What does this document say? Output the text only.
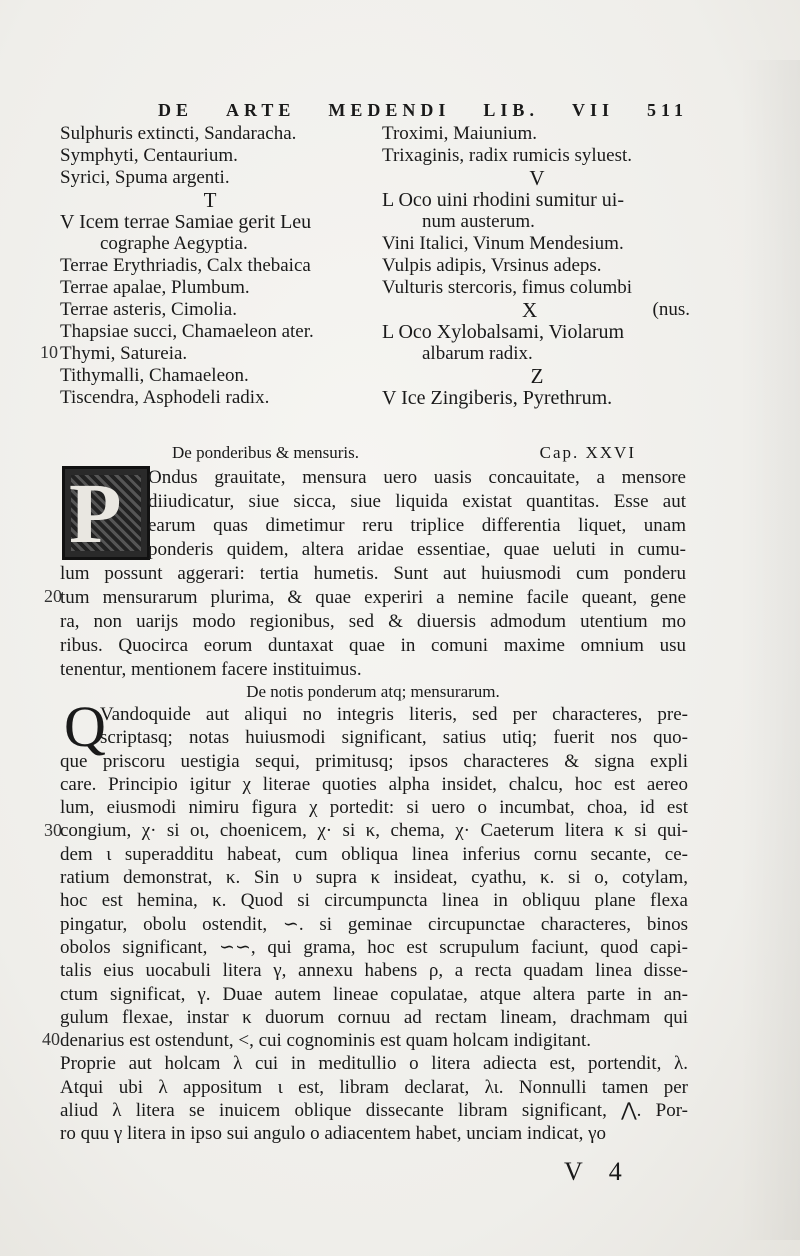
DE ARTE MEDENDI LIB. VII 511
Sulphuris extincti, Sandaracha.
Symphyti, Centaurium.
Syrici, Spuma argenti.
T
V Icem terrae Samiae gerit Leu
cographe Aegyptia.
Terrae Erythriadis, Calx thebaica
Terrae apalae, Plumbum.
Terrae asteris, Cimolia.
Thapsiae succi, Chamaeleon ater.
Thymi, Satureia.
Tithymalli, Chamaeleon.
Tiscendra, Asphodeli radix.
Troximi, Maiunium.
Trixaginis, radix rumicis syluest.
V
L Oco uini rhodini sumitur ui-
num austerum.
Vini Italici, Vinum Mendesium.
Vulpis adipis, Vrsinus adeps.
Vulturis stercoris, fimus columbi
X	(nus.
L Oco Xylobalsami, Violarum
albarum radix.
Z
V Ice Zingiberis, Pyrethrum.
10
20
30
40
De ponderibus & mensuris.	Cap. XXVI
P	Ondus grauitate, mensura uero uasis concauitate, a mensore
diiudicatur, siue sicca, siue liquida existat quantitas. Esse aut
earum quas dimetimur reru triplice differentia liquet, unam
ponderis quidem, altera aridae essentiae, quae ueluti in cumu-
lum possunt aggerari: tertia humetis. Sunt aut huiusmodi cum ponderu
tum mensurarum plurima, & quae experiri a nemine facile queant, gene
ra, non uarijs modo regionibus, sed & diuersis admodum utentium mo
ribus. Quocirca eorum duntaxat quae in comuni maxime omnium usu
tenentur, mentionem facere instituimus.
De notis ponderum atq; mensurarum.
Q
Vandoquide aut aliqui no integris literis, sed per characteres, pre-
scriptasq; notas huiusmodi significant, satius utiq; fuerit nos quo-
que priscoru uestigia sequi, primitusq; ipsos characteres & signa expli
care. Principio igitur χ literae quoties alpha insidet, chalcu, hoc est aereo
lum, eiusmodi nimiru figura χ portedit: si uero ο incumbat, choa, id est
congium, χ· si οι, choenicem, χ· si κ, chema, χ· Caeterum litera κ si qui-
dem ι superadditu habeat, cum obliqua linea inferius cornu secante, ce-
ratium demonstrat, κ. Sin υ supra κ insideat, cyathu, κ. si ο, cotylam,
hoc est hemina, κ. Quod si circumpuncta linea in obliquu plane flexa
pingatur, obolu ostendit, ∽. si geminae circupunctae characteres, binos
obolos significant, ∽∽, qui grama, hoc est scrupulum faciunt, quod capi-
talis eius uocabuli litera γ, annexu habens ρ, a recta quadam linea disse-
ctum significat, γ. Duae autem lineae copulatae, atque altera parte in an-
gulum flexae, instar κ duorum cornuu ad rectam lineam, drachmam qui
denarius est ostendunt, <, cui cognominis est quam holcam indigitant.
Proprie aut holcam λ cui in meditullio ο litera adiecta est, portendit, λ.
Atqui ubi λ appositum ι est, libram declarat, λι. Nonnulli tamen per
aliud λ litera se inuicem oblique dissecante libram significant, ⋀. Por-
ro quu γ litera in ipso sui angulo ο adiacentem habet, unciam indicat, γο
V 4
